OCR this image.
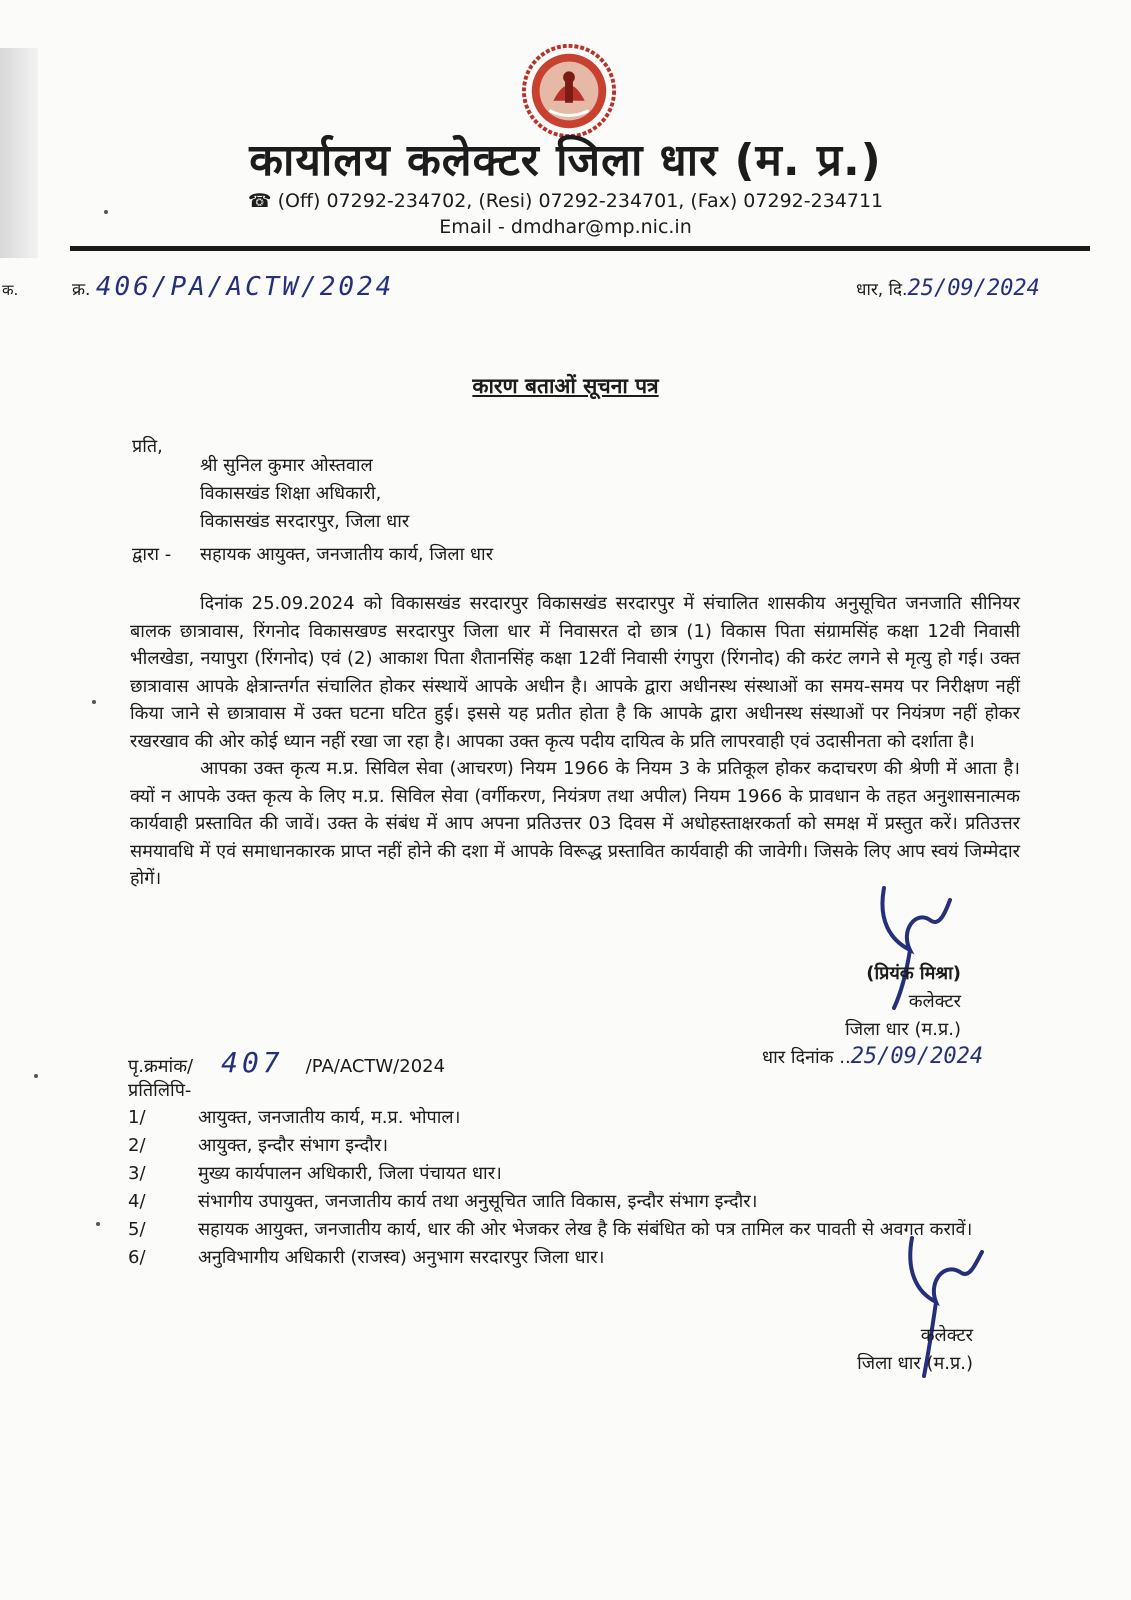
कार्यालय कलेक्टर जिला धार (म. प्र.)
☎ (Off) 07292-234702, (Resi) 07292-234701, (Fax) 07292-234711
Email - dmdhar@mp.nic.in
क.	क्र. 406/PA/ACTW/2024	धार, दि.25/09/2024
कारण बताओं सूचना पत्र
प्रति,
श्री सुनिल कुमार ओस्तवाल
विकासखंड शिक्षा अधिकारी,
विकासखंड सरदारपुर, जिला धार
द्वारा - सहायक आयुक्त, जनजातीय कार्य, जिला धार

दिनांक 25.09.2024 को विकासखंड सरदारपुर विकासखंड सरदारपुर में संचालित शासकीय अनुसूचित जनजाति सीनियर बालक छात्रावास, रिंगनोद विकासखण्ड सरदारपुर जिला धार में निवासरत दो छात्र (1) विकास पिता संग्रामसिंह कक्षा 12वी निवासी भीलखेडा, नयापुरा (रिंगनोद) एवं (2) आकाश पिता शैतानसिंह कक्षा 12वीं निवासी रंगपुरा (रिंगनोद) की करंट लगने से मृत्यु हो गई। उक्त छात्रावास आपके क्षेत्रान्तर्गत संचालित होकर संस्थायें आपके अधीन है। आपके द्वारा अधीनस्थ संस्थाओं का समय-समय पर निरीक्षण नहीं किया जाने से छात्रावास में उक्त घटना घटित हुई। इससे यह प्रतीत होता है कि आपके द्वारा अधीनस्थ संस्थाओं पर नियंत्रण नहीं होकर रखरखाव की ओर कोई ध्यान नहीं रखा जा रहा है। आपका उक्त कृत्य पदीय दायित्व के प्रति लापरवाही एवं उदासीनता को दर्शाता है।

आपका उक्त कृत्य म.प्र. सिविल सेवा (आचरण) नियम 1966 के नियम 3 के प्रतिकूल होकर कदाचरण की श्रेणी में आता है। क्यों न आपके उक्त कृत्य के लिए म.प्र. सिविल सेवा (वर्गीकरण, नियंत्रण तथा अपील) नियम 1966 के प्रावधान के तहत अनुशासनात्मक कार्यवाही प्रस्तावित की जावें। उक्त के संबंध में आप अपना प्रतिउत्तर 03 दिवस में अधोहस्ताक्षरकर्ता को समक्ष में प्रस्तुत करें। प्रतिउत्तर समयावधि में एवं समाधानकारक प्राप्त नहीं होने की दशा में आपके विरूद्ध प्रस्तावित कार्यवाही की जावेगी। जिसके लिए आप स्वयं जिम्मेदार होगें।

(प्रियंक मिश्रा)
कलेक्टर
जिला धार (म.प्र.)
पृ.क्रमांक/ 407 /PA/ACTW/2024	धार दिनांक ..25/09/2024
प्रतिलिपि-
1/	आयुक्त, जनजातीय कार्य, म.प्र. भोपाल।
2/	आयुक्त, इन्दौर संभाग इन्दौर।
3/	मुख्य कार्यपालन अधिकारी, जिला पंचायत धार।
4/	संभागीय उपायुक्त, जनजातीय कार्य तथा अनुसूचित जाति विकास, इन्दौर संभाग इन्दौर।
5/	सहायक आयुक्त, जनजातीय कार्य, धार की ओर भेजकर लेख है कि संबंधित को पत्र तामिल कर पावती से अवगत करावें।
6/	अनुविभागीय अधिकारी (राजस्व) अनुभाग सरदारपुर जिला धार।
कलेक्टर
जिला धार (म.प्र.)
